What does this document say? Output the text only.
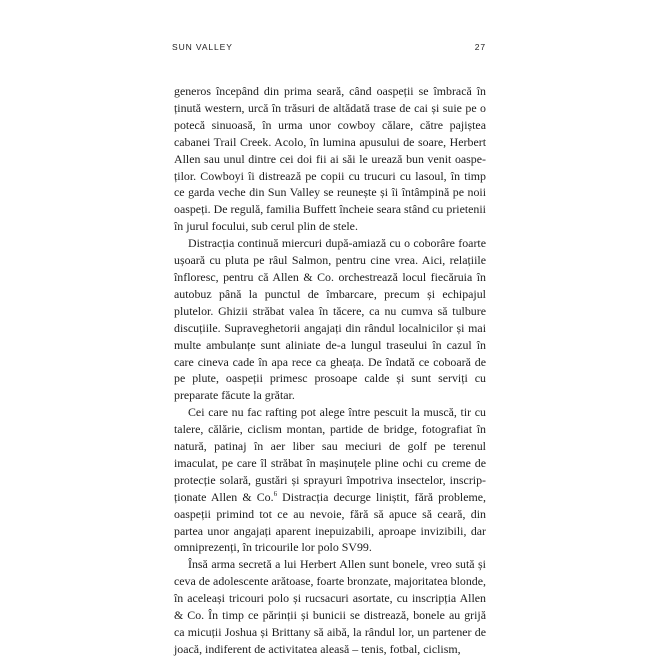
SUN VALLEY	27

generos începând din prima seară, când oaspeții se îmbracă în ținută western, urcă în trăsuri de altădată trase de cai și suie pe o potecă sinuoasă, în urma unor cowboy călare, către pajiștea cabanei Trail Creek. Acolo, în lumina apusului de soare, Herbert Allen sau unul dintre cei doi fii ai săi le urează bun venit oaspeților. Cowboyi îi distrează pe copii cu trucuri cu lasoul, în timp ce garda veche din Sun Valley se reunește și îi întâmpină pe noii oaspeți. De regulă, familia Buffett încheie seara stând cu prietenii în jurul focului, sub cerul plin de stele.

Distracția continuă miercuri după-amiază cu o coborâre foarte ușoară cu pluta pe râul Salmon, pentru cine vrea. Aici, relațiile înfloresc, pentru că Allen & Co. orchestrează locul fiecăruia în autobuz până la punctul de îmbarcare, precum și echipajul plutelor. Ghizii străbat valea în tăcere, ca nu cumva să tulbure discuțiile. Supraveghetorii angajați din rândul localnicilor și mai multe ambulanțe sunt aliniate de-a lungul traseului în cazul în care cineva cade în apa rece ca gheața. De îndată ce coboară de pe plute, oaspeții primesc prosoape calde și sunt serviți cu preparate făcute la grătar.

Cei care nu fac rafting pot alege între pescuit la muscă, tir cu talere, călărie, ciclism montan, partide de bridge, fotografiat în natură, patinaj în aer liber sau meciuri de golf pe terenul imaculat, pe care îl străbat în mașinuțele pline ochi cu creme de protecție solară, gustări și sprayuri împotriva insectelor, inscripționate Allen & Co.$^6$ Distracția decurge liniștit, fără probleme, oaspeții primind tot ce au nevoie, fără să apuce să ceară, din partea unor angajați aparent inepuizabili, aproape invizibili, dar omniprezenți, în tricourile lor polo SV99.

Însă arma secretă a lui Herbert Allen sunt bonele, vreo sută și ceva de adolescente arătoase, foarte bronzate, majoritatea blonde, în aceleași tricouri polo și rucsacuri asortate, cu inscripția Allen & Co. În timp ce părinții și bunicii se distrează, bonele au grijă ca micuții Joshua și Brittany să aibă, la rândul lor, un partener de joacă, indiferent de activitatea aleasă – tenis, fotbal, ciclism,
